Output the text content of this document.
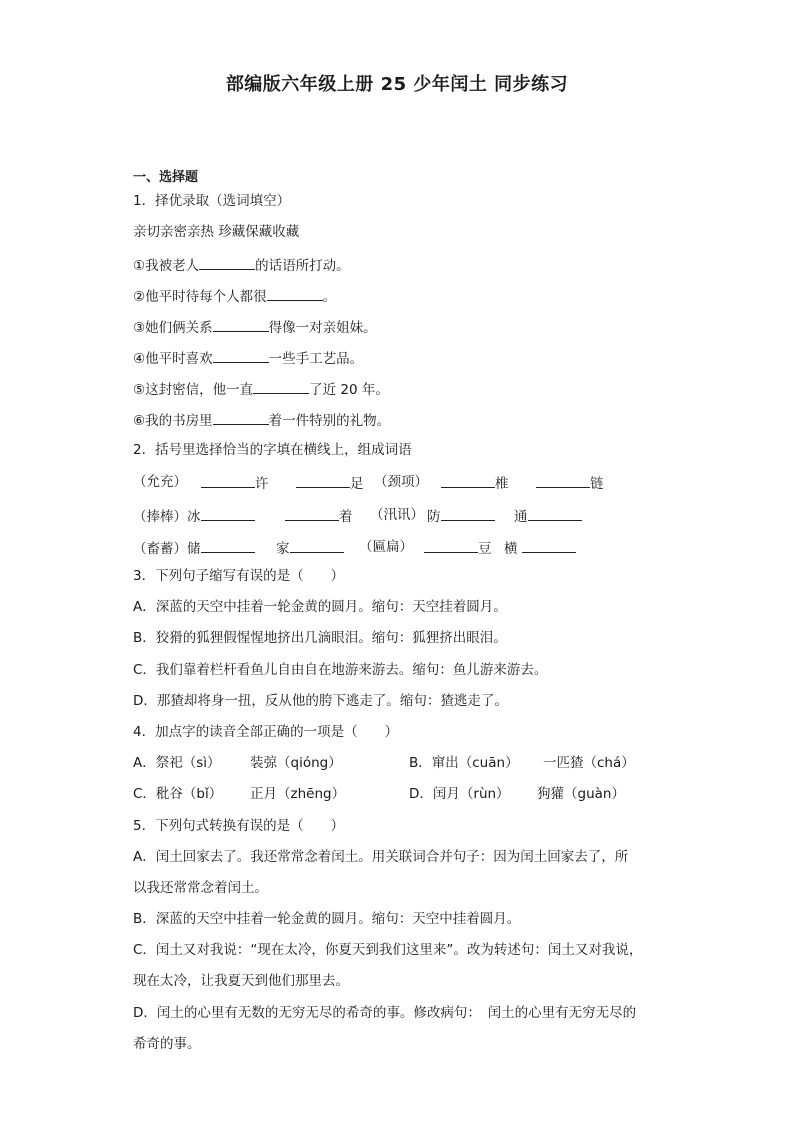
部编版六年级上册 25 少年闰土 同步练习
一、选择题
1．择优录取（选词填空）
亲切亲密亲热 珍藏保藏收藏
①我被老人	的话语所打动。
②他平时待每个人都很	。
③她们俩关系	得像一对亲姐妹。
④他平时喜欢	一些手工艺品。
⑤这封密信，他一直	了近 20 年。
⑥我的书房里	着一件特别的礼物。
2．括号里选择恰当的字填在横线上，组成词语
（允充）	许	足 （颈项）	椎	链
（捧棒）冰	着 （汛讯） 防	通
（畜蓄）储	家	（匾扁）	豆 横
3．下列句子缩写有误的是（　　）
A．深蓝的天空中挂着一轮金黄的圆月。缩句：天空挂着圆月。
B．狡猾的狐狸假惺惺地挤出几滴眼泪。缩句：狐狸挤出眼泪。
C．我们靠着栏杆看鱼儿自由自在地游来游去。缩句：鱼儿游来游去。
D．那猹却将身一扭，反从他的胯下逃走了。缩句：猹逃走了。
4．加点字的读音全部正确的一项是（　　）
A．祭祀（sì） 装弶（qióng）	B．窜出（cuān） 一匹猹（chá）
C．秕谷（bǐ） 正月（zhēng）	D．闰月（rùn） 狗獾（guàn）
5．下列句式转换有误的是（　　）
A．闰土回家去了。我还常常念着闰土。用关联词合并句子：因为闰土回家去了，所
以我还常常念着闰土。
B．深蓝的天空中挂着一轮金黄的圆月。缩句：天空中挂着圆月。
C．闰土又对我说：“现在太冷，你夏天到我们这里来”。改为转述句：闰土又对我说，
现在太冷，让我夏天到他们那里去。
D．闰土的心里有无数的无穷无尽的希奇的事。修改病句：　闰土的心里有无穷无尽的
希奇的事。
